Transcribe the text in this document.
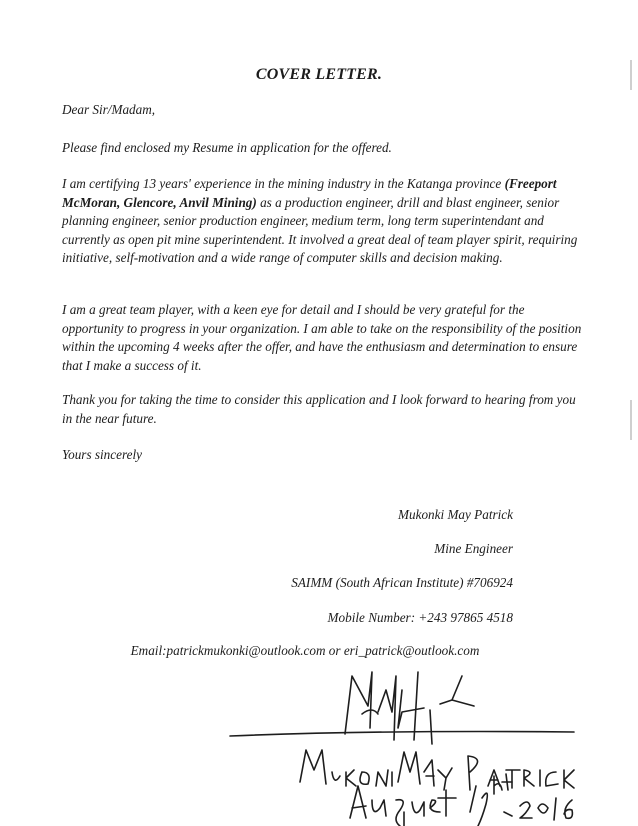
COVER LETTER.

Dear Sir/Madam,

Please find enclosed my Resume in application for the offered.

I am certifying 13 years' experience in the mining industry in the Katanga province (Freeport McMoran, Glencore, Anvil Mining) as a production engineer, drill and blast engineer, senior planning engineer, senior production engineer, medium term, long term superintendant and currently as open pit mine superintendent. It involved a great deal of team player spirit, requiring initiative, self-motivation and a wide range of computer skills and decision making.

I am a great team player, with a keen eye for detail and I should be very grateful for the opportunity to progress in your organization. I am able to take on the responsibility of the position within the upcoming 4 weeks after the offer, and have the enthusiasm and determination to ensure that I make a success of it.

Thank you for taking the time to consider this application and I look forward to hearing from you in the near future.

Yours sincerely

Mukonki May Patrick
Mine Engineer
SAIMM (South African Institute) #706924
Mobile Number: +243 97865 4518
Email:patrickmukonki@outlook.com or eri_patrick@outlook.com
